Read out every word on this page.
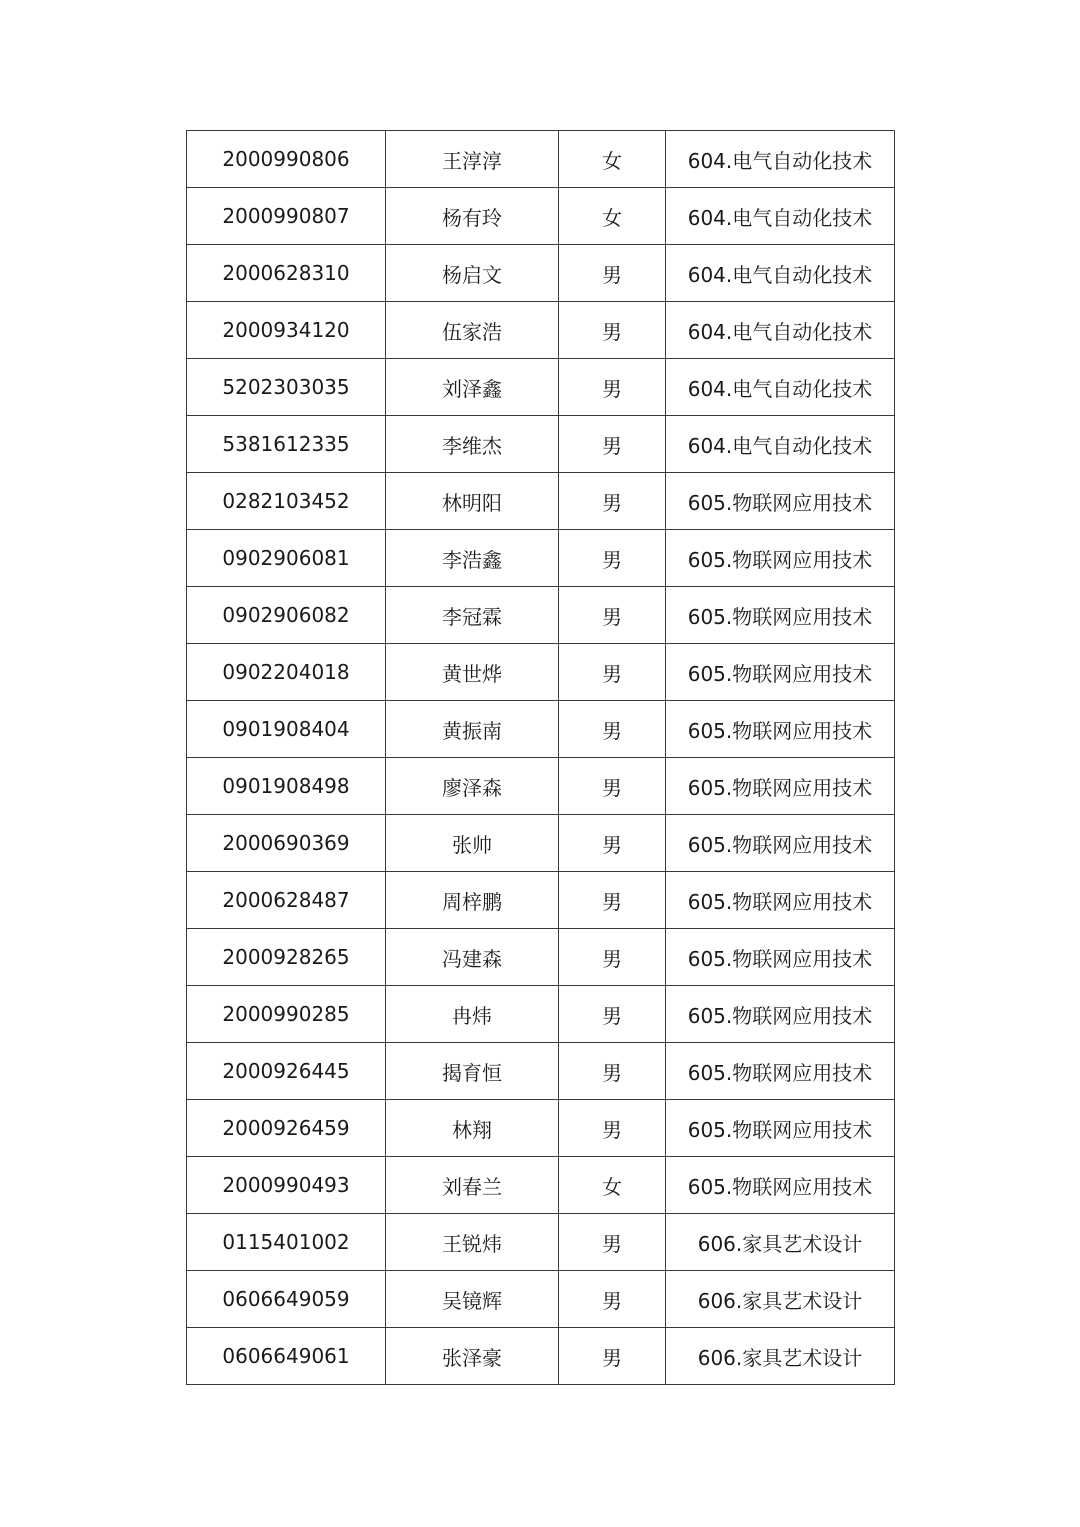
2000990806	王淳淳	女	604.电气自动化技术
2000990807	杨有玲	女	604.电气自动化技术
2000628310	杨启文	男	604.电气自动化技术
2000934120	伍家浩	男	604.电气自动化技术
5202303035	刘泽鑫	男	604.电气自动化技术
5381612335	李维杰	男	604.电气自动化技术
0282103452	林明阳	男	605.物联网应用技术
0902906081	李浩鑫	男	605.物联网应用技术
0902906082	李冠霖	男	605.物联网应用技术
0902204018	黄世烨	男	605.物联网应用技术
0901908404	黄振南	男	605.物联网应用技术
0901908498	廖泽森	男	605.物联网应用技术
2000690369	张帅	男	605.物联网应用技术
2000628487	周梓鹏	男	605.物联网应用技术
2000928265	冯建森	男	605.物联网应用技术
2000990285	冉炜	男	605.物联网应用技术
2000926445	揭育恒	男	605.物联网应用技术
2000926459	林翔	男	605.物联网应用技术
2000990493	刘春兰	女	605.物联网应用技术
0115401002	王锐炜	男	606.家具艺术设计
0606649059	吴镜辉	男	606.家具艺术设计
0606649061	张泽豪	男	606.家具艺术设计
